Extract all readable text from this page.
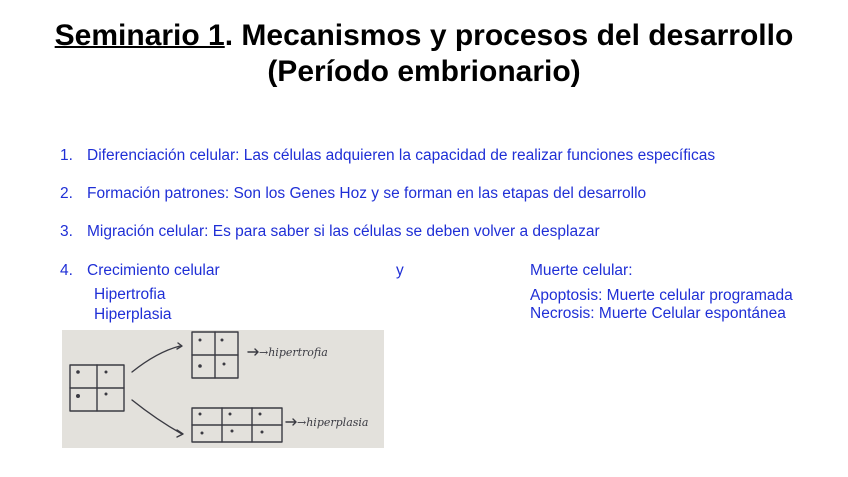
Seminario 1. Mecanismos y procesos del desarrollo
(Período embrionario)
1. Diferenciación celular: Las células adquieren la capacidad de realizar funciones específicas
2. Formación patrones: Son los Genes Hoz y se forman en las etapas del desarrollo
3. Migración celular: Es para saber si las células se deben volver a desplazar
4. Crecimiento celular
Hipertrofia
Hiperplasia
y	Muerte celular:
Apoptosis: Muerte celular programada
Necrosis: Muerte Celular espontánea
→hipertrofia
→hiperplasia
